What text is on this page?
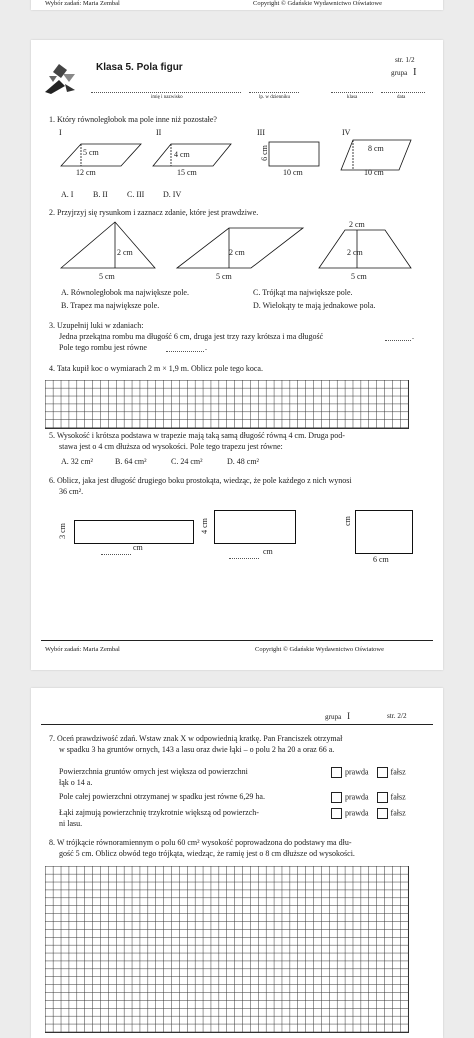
Wybór zadań: Maria Zembal	Copyright © Gdańskie Wydawnictwo Oświatowe
Klasa 5. Pola figur
str. 1/2
grupa I
imię i nazwisko	lp. w dzienniku	klasa	data
1. Który równoległobok ma pole inne niż pozostałe?
I	II	III	IV
5 cm
12 cm
4 cm
15 cm
6 cm
10 cm
8 cm
10 cm
A. I B. II C. III D. IV
2. Przyjrzyj się rysunkom i zaznacz zdanie, które jest prawdziwe.
2 cm
2 cm	2 cm	2 cm
5 cm	5 cm	5 cm
A. Równoległobok ma największe pole.	C. Trójkąt ma największe pole.
B. Trapez ma największe pole.	D. Wielokąty te mają jednakowe pola.
3. Uzupełnij luki w zdaniach:
Jedna przekątna rombu ma długość 6 cm, druga jest trzy razy krótsza i ma długość	.
Pole tego rombu jest równe	.
4. Tata kupił koc o wymiarach 2 m × 1,9 m. Oblicz pole tego koca.
5. Wysokość i krótsza podstawa w trapezie mają taką samą długość równą 4 cm. Druga pod-
stawa jest o 4 cm dłuższa od wysokości. Pole tego trapezu jest równe:
A. 32 cm²	B. 64 cm²	C. 24 cm²	D. 48 cm²
6. Oblicz, jaka jest długość drugiego boku prostokąta, wiedząc, że pole każdego z nich wynosi
36 cm².
3 cm
cm
4 cm
cm
cm
6 cm
Wybór zadań: Maria Zembal	Copyright © Gdańskie Wydawnictwo Oświatowe
grupa I	str. 2/2
7. Oceń prawdziwość zdań. Wstaw znak X w odpowiednią kratkę. Pan Franciszek otrzymał
w spadku 3 ha gruntów ornych, 143 a lasu oraz dwie łąki – o polu 2 ha 20 a oraz 66 a.
Powierzchnia gruntów ornych jest większa od powierzchni
łąk o 14 a.
prawda	fałsz
Pole całej powierzchni otrzymanej w spadku jest równe 6,29 ha.	prawda	fałsz
Łąki zajmują powierzchnię trzykrotnie większą od powierzch-
ni lasu.
prawda	fałsz
8. W trójkącie równoramiennym o polu 60 cm² wysokość poprowadzona do podstawy ma dłu-
gość 5 cm. Oblicz obwód tego trójkąta, wiedząc, że ramię jest o 8 cm dłuższe od wysokości.
